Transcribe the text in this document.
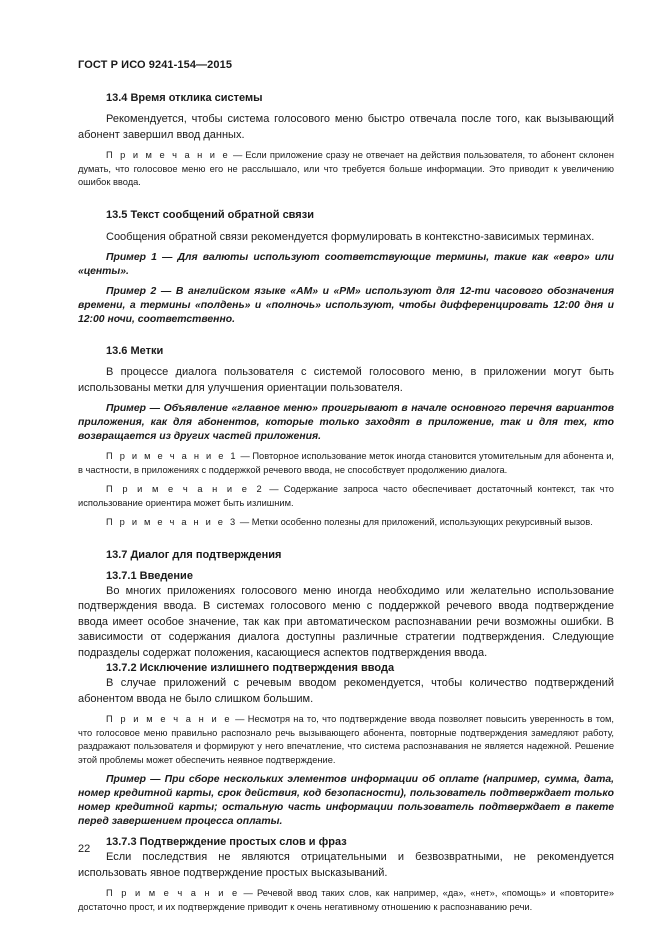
ГОСТ Р ИСО 9241-154—2015

13.4 Время отклика системы

Рекомендуется, чтобы система голосового меню быстро отвечала после того, как вызывающий абонент завершил ввод данных.

П р и м е ч а н и е — Если приложение сразу не отвечает на действия пользователя, то абонент склонен думать, что голосовое меню его не расслышало, или что требуется больше информации. Это приводит к увеличению ошибок ввода.

13.5 Текст сообщений обратной связи

Сообщения обратной связи рекомендуется формулировать в контекстно-зависимых терминах.

Пример 1 — Для валюты используют соответствующие термины, такие как «евро» или «центы».

Пример 2 — В английском языке «AM» и «PM» используют для 12-ти часового обозначения времени, а термины «полдень» и «полночь» используют, чтобы дифференцировать 12:00 дня и 12:00 ночи, соответственно.

13.6 Метки

В процессе диалога пользователя с системой голосового меню, в приложении могут быть использованы метки для улучшения ориентации пользователя.

Пример — Объявление «главное меню» проигрывают в начале основного перечня вариантов приложения, как для абонентов, которые только заходят в приложение, так и для тех, кто возвращается из других частей приложения.

П р и м е ч а н и е 1 — Повторное использование меток иногда становится утомительным для абонента и, в частности, в приложениях с поддержкой речевого ввода, не способствует продолжению диалога.

П р и м е ч а н и е 2 — Содержание запроса часто обеспечивает достаточный контекст, так что использование ориентира может быть излишним.

П р и м е ч а н и е 3 — Метки особенно полезны для приложений, использующих рекурсивный вызов.

13.7 Диалог для подтверждения

13.7.1 Введение

Во многих приложениях голосового меню иногда необходимо или желательно использование подтверждения ввода. В системах голосового меню с поддержкой речевого ввода подтверждение ввода имеет особое значение, так как при автоматическом распознавании речи возможны ошибки. В зависимости от содержания диалога доступны различные стратегии подтверждения. Следующие подразделы содержат положения, касающиеся аспектов подтверждения ввода.

13.7.2 Исключение излишнего подтверждения ввода

В случае приложений с речевым вводом рекомендуется, чтобы количество подтверждений абонентом ввода не было слишком большим.

П р и м е ч а н и е — Несмотря на то, что подтверждение ввода позволяет повысить уверенность в том, что голосовое меню правильно распознало речь вызывающего абонента, повторные подтверждения замедляют работу, раздражают пользователя и формируют у него впечатление, что система распознавания не является надежной. Решение этой проблемы может обеспечить неявное подтверждение.

Пример — При сборе нескольких элементов информации об оплате (например, сумма, дата, номер кредитной карты, срок действия, код безопасности), пользователь подтверждает только номер кредитной карты; остальную часть информации пользователь подтверждает в пакете перед завершением процесса оплаты.

13.7.3 Подтверждение простых слов и фраз

Если последствия не являются отрицательными и безвозвратными, не рекомендуется использовать явное подтверждение простых высказываний.

П р и м е ч а н и е — Речевой ввод таких слов, как например, «да», «нет», «помощь» и «повторите» достаточно прост, и их подтверждение приводит к очень негативному отношению к распознаванию речи.

22
